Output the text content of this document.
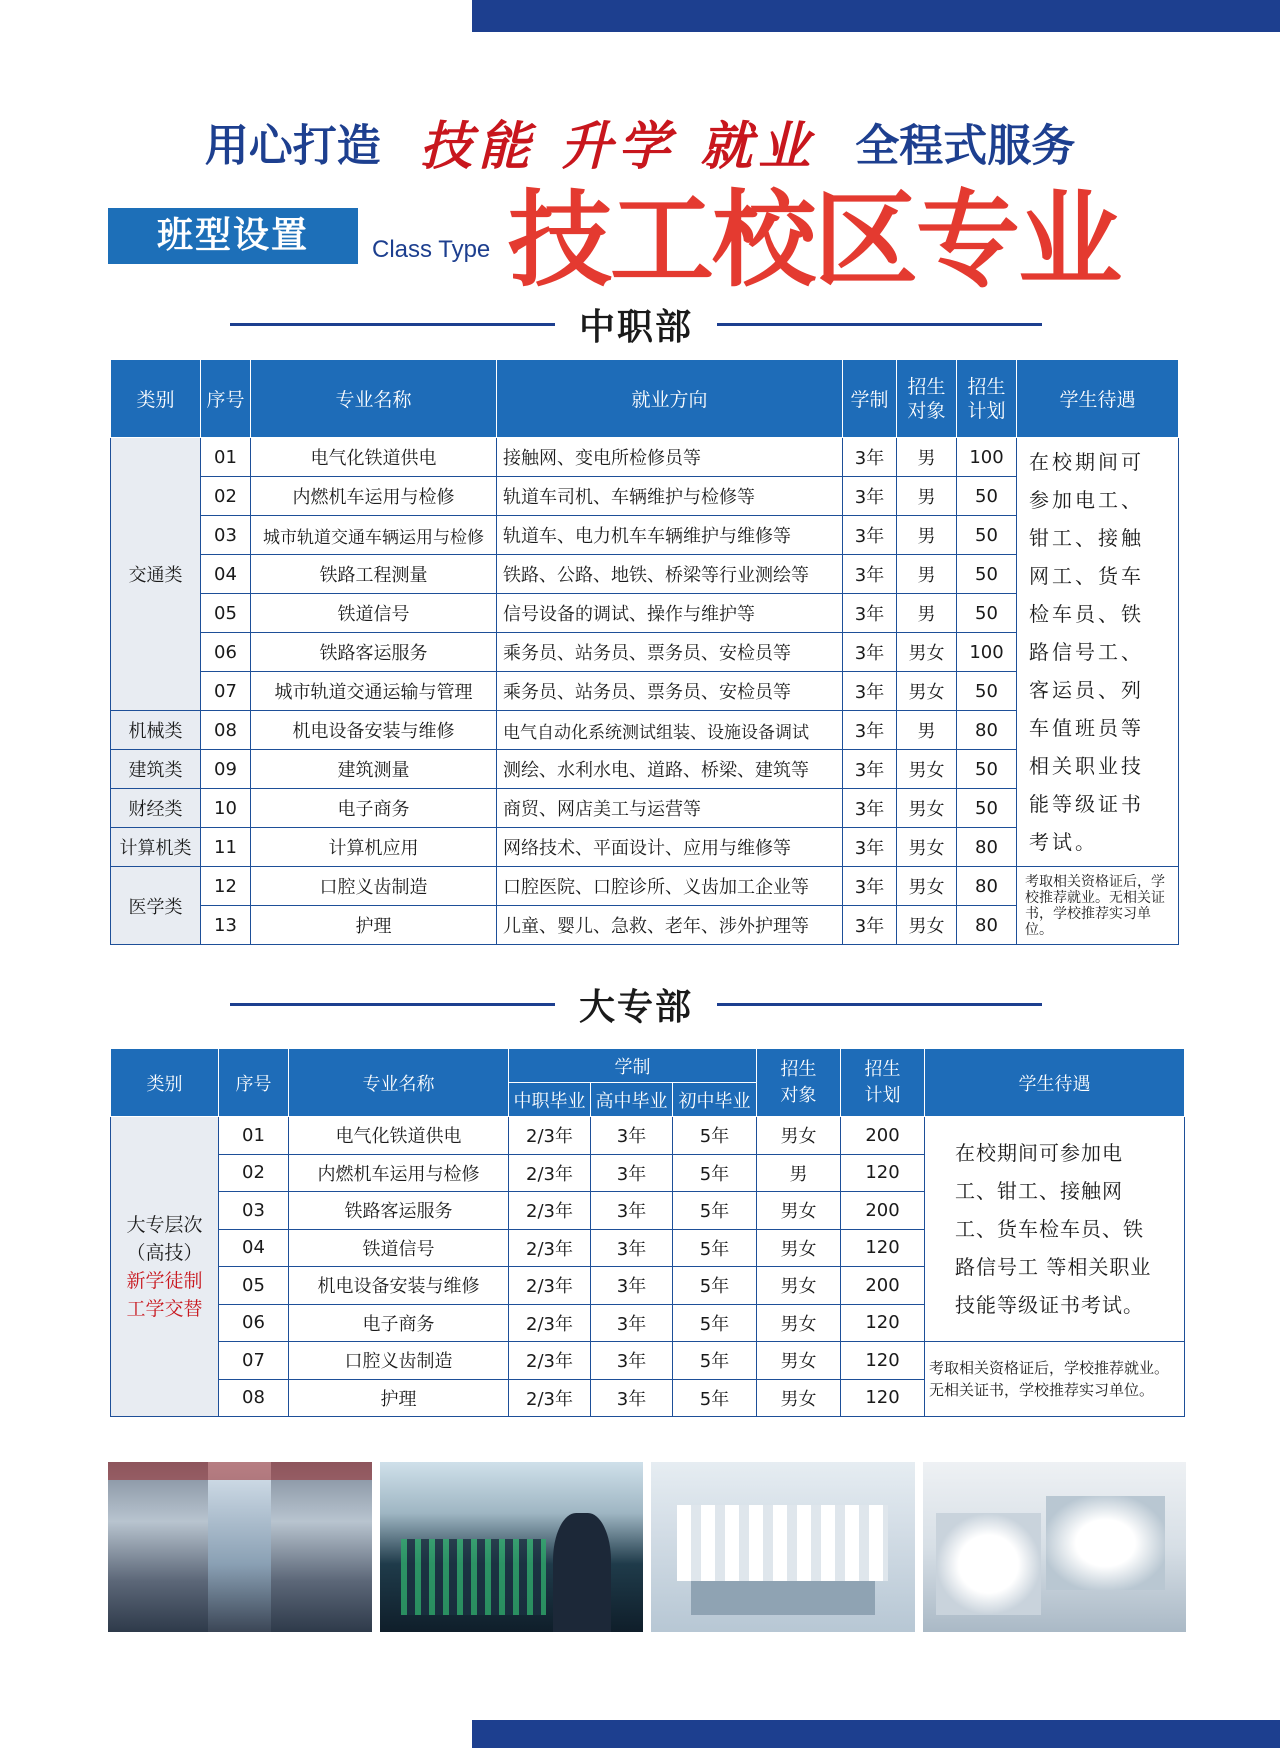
用心打造 技能 升学 就业 全程式服务
班型设置	Class Type 技工校区专业
中职部
类别	序号	专业名称	就业方向	学制	招生对象	招生计划	学生待遇
交通类	01	电气化铁道供电	接触网、变电所检修员等	3年	男	100	在校期间可参加电工、钳工、接触网工、货车检车员、铁路信号工、客运员、列车值班员等相关职业技能等级证书考试。
	02	内燃机车运用与检修	轨道车司机、车辆维护与检修等	3年	男	50	
	03	城市轨道交通车辆运用与检修	轨道车、电力机车车辆维护与维修等	3年	男	50	
	04	铁路工程测量	铁路、公路、地铁、桥梁等行业测绘等	3年	男	50	
	05	铁道信号	信号设备的调试、操作与维护等	3年	男	50	
	06	铁路客运服务	乘务员、站务员、票务员、安检员等	3年	男女	100	
	07	城市轨道交通运输与管理	乘务员、站务员、票务员、安检员等	3年	男女	50	
机械类	08	机电设备安装与维修	电气自动化系统测试组装、设施设备调试	3年	男	80	
建筑类	09	建筑测量	测绘、水利水电、道路、桥梁、建筑等	3年	男女	50	
财经类	10	电子商务	商贸、网店美工与运营等	3年	男女	50	
计算机类	11	计算机应用	网络技术、平面设计、应用与维修等	3年	男女	80	
医学类	12	口腔义齿制造	口腔医院、口腔诊所、义齿加工企业等	3年	男女	80	考取相关资格证后，学校推荐就业。无相关证书，学校推荐实习单位。
	13	护理	儿童、婴儿、急救、老年、涉外护理等	3年	男女	80	
大专部
类别	序号	专业名称	学制			招生对象	招生计划	学生待遇
			中职毕业	高中毕业	初中毕业			

大专层次
（高技）
新学徒制
工学交替	01	电气化铁道供电	2/3年	3年	5年	男女	200	在校期间可参加电工、钳工、接触网工、货车检车员、铁路信号工 等相关职业技能等级证书考试。
	02	内燃机车运用与检修	2/3年	3年	5年	男	120	
	03	铁路客运服务	2/3年	3年	5年	男女	200	
	04	铁道信号	2/3年	3年	5年	男女	120	
	05	机电设备安装与维修	2/3年	3年	5年	男女	200	
	06	电子商务	2/3年	3年	5年	男女	120	
	07	口腔义齿制造	2/3年	3年	5年	男女	120	考取相关资格证后，学校推荐就业。无相关证书，学校推荐实习单位。
	08	护理	2/3年	3年	5年	男女	120	
